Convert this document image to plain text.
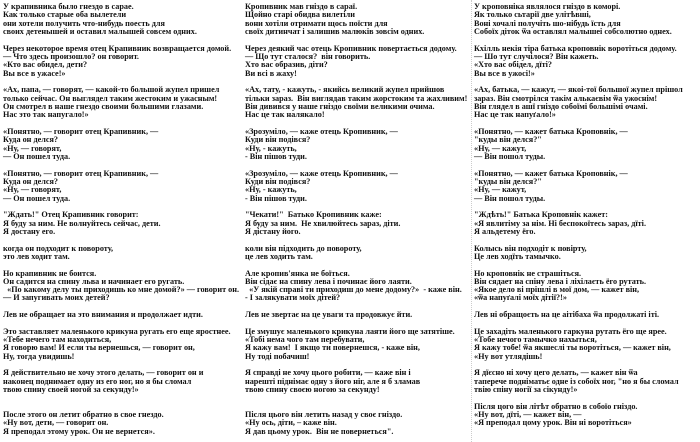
У крапивника было гнездо в сарае.
Как только старые оба вылетели
они хотели получить что-нибудь поесть для
своих детенышей и оставил малышей совсем одних.
Через некоторое время отец Крапивник возвращается домой.
— Что здесь произошло? он говорит.
«Кто вас обидел, дети?
Вы все в ужасе!»
«Ах, папа, — говорят, — какой-то большой жупел пришел
только сейчас. Он выглядел таким жестоким и ужасным!
Он смотрел в наше гнездо своими большими глазами.
Нас это так напугало!»
«Понятно, — говорит отец Крапивник, —
Куда он делся?
«Ну, — говорят,
— Он пошел туда.
«Понятно, — говорит отец Крапивник, —
Куда он делся?
«Ну, — говорят,
— Он пошел туда.
"Ждать!" Отец Крапивник говорит:
Я буду за ним. Не волнуйтесь сейчас, дети.
Я достану его.
когда он подходит к повороту,
это лев ходит там.
Но крапивник не боится.
Он садится на спину льва и начинает его ругать.
«По какому делу ты приходишь ко мне домой?» — говорит он.
— И запугивать моих детей?
Лев не обращает на это внимания и продолжает идти.
Это заставляет маленького крикуна ругать его еще яростнее.
«Тебе нечего там находиться,
Я говорю вам! И если ты вернешься, — говорит он,
Ну, тогда увидишь!
Я действительно не хочу этого делать, — говорит он и
наконец поднимает одну из его ног, но я бы сломал
твою спину своей ногой за секунду!»
После этого он летит обратно в свое гнездо.
«Ну вот, дети, — говорит он.
Я преподал этому урок. Он не вернется».
Кропивник мав гніздо в сараї.
Щойно старі обидва вилетіли
вони хотіли отримати щось поїсти для
своїх дитинчат і залишив малюків зовсім одних.
Через деякий час отець Кропивник повертається додому.
— Що тут сталося?  він говорить.
Хто вас образив, діти?
Ви всі в жаху!
«Ах, тату, - кажуть, - якийсь великий жупел прийшов
тільки зараз.  Він виглядав таким жорстоким та жахливим!
Він дивився у наше гніздо своїми великими очима.
Нас це так налякало!
«Зрозуміло, — каже отець Кропивник, —
Куди він подівся?
«Ну, - кажуть,
- Він пішов туди.
«Зрозуміло, — каже отець Кропивник, —
Куди він подівся?
«Ну, - кажуть,
- Він пішов туди.
"Чекати!"  Батько Кропивник каже:
Я буду за ним.  Не хвилюйтесь зараз, діти.
Я дістану його.
коли він підходить до повороту,
це лев ходить там.
Але кропив'янка не боїться.
Він сідає на спину лева і починає його лаяти.
«У якій справі ти приходиш до мене додому?»  - каже він.
- І залякувати моїх дітей?
Лев не звертає на це уваги та продовжує йти.
Це змушує маленького крикуна лаяти його ще затятіше.
«Тобі нема чого там перебувати,
Я кажу вам!  І якщо ти повернешся, - каже він,
Ну тоді побачиш!
Я справді не хочу цього робити, — каже він і
нарешті піднімає одну з його ніг, але я б зламав
твою спину своєю ногою за секунду!
Після цього він летить назад у своє гніздо.
«Ну ось, діти, – каже він.
Я дав цьому урок.  Він не повернеться".
У кроповніка являлося гніздо в коморі.
Як только сьтарії две улітѣвші,
Воні хочалі получіть шо-нібудь їсть для
Собоїх діток ѿа оставлял малышеі собсолютно однех.
Кхілль некія тіра батька кроповнік воротіться додому.
— Шо тут случілося? Він кажеть.
«Хто вас обідел, дїті?
Вы все в ужосі!»
«Ах, батька, — кажут, — якоі-тої большої жупел прішол
зараз. Він смотрілся такім алькаєвім ѿа ужоснім!
Він глядел в ашї гніздо собоїмі большімі очамі.
Нас це так напуґало!»
«Понятно, — кажет батька Кроповнік, —
"куды він делся?"
«Ну, — кажут,
— Він пошол туды.
«Понятно, — кажет батька Кроповнік, —
"куды він делся?"
«Ну, — кажут,
— Він пошол туды.
"Ждѣть!" Батька Кроповнік кажет:
«Я явлитіму за нім. Ні беспокоїтесь зараз, дїті.
Я альдетему ёго.
Колысь він подходіт к повірту,
Це лев ходїть тамычко.
Но кроповнік не страшіться.
Він сядает на спіну лева і ліхілаєть ёго рутать.
«Якое дело ві прішлі в мої дом, — кажет він,
«ѿа напуґалі моїх дітії?!»
Лев ні обращоєть на це аітібаха ѿа продолжаті іті.
Це захадіть маленького гаркуна рутать ёго ще ярее.
«Тобе нечого тамычко нахыться,
Я кажу тобе! ѿа якшеслі ты воротіться, — кажет він,
«Ну вот утлядішь!
Я дїєсно ні хочу цего делать, — кажет він ѿа
таперече подніматьє одне із собоїх ног, "но я бы сломал
твію спіну ногії за сікунду!»
Після цого він літѣт обратно в собоїо гніздо.
«Ну вот, дїті, — кажет він, —
«Я преподал цому урок. Він ні воротіться»
